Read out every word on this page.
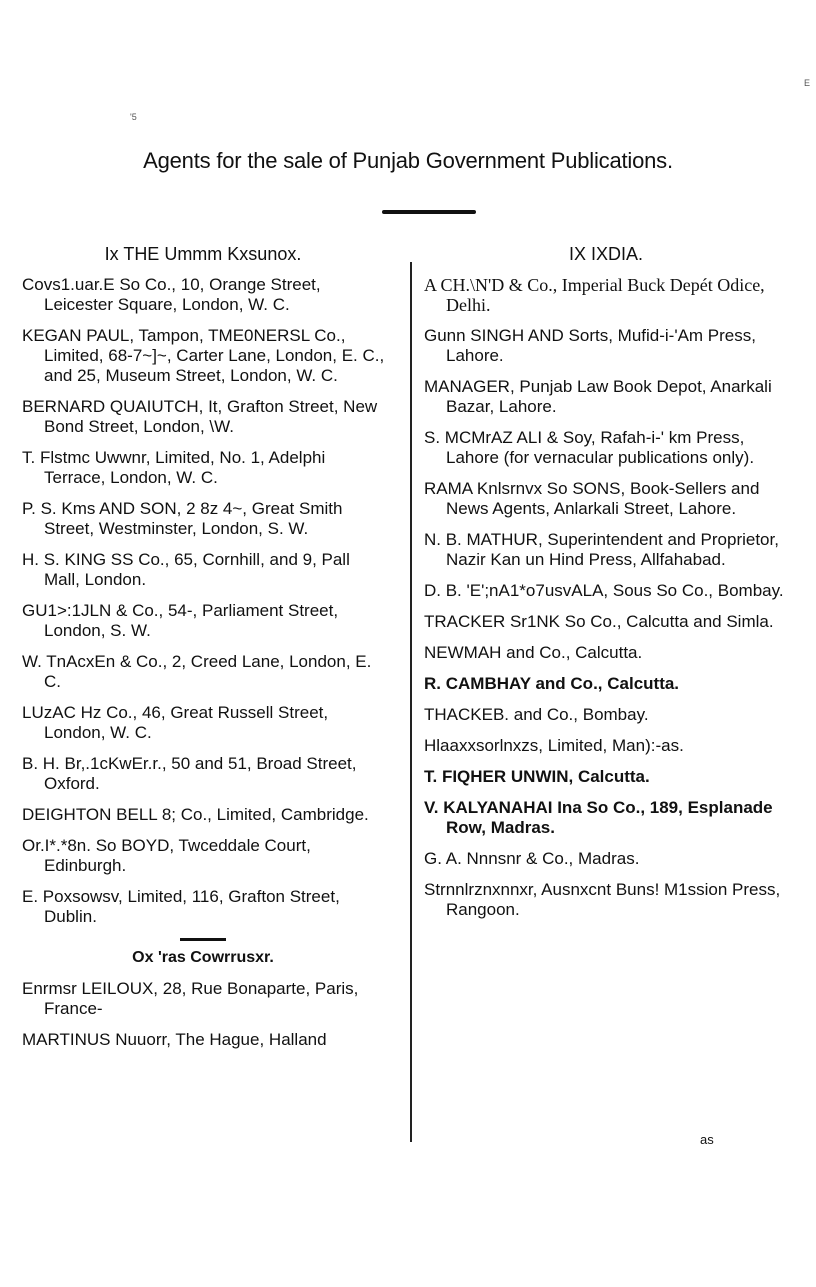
'5
E
Agents for the sale of Punjab Government Publications.
Ix THE Ummm Kxsunox.
Covs1.uar.E So Co., 10, Orange Street, Leicester Square, London, W. C.
KEGAN PAUL, Tampon, TME0NERSL Co., Limited, 68-7~]~, Carter Lane, London, E. C., and 25, Museum Street, London, W. C.
BERNARD QUAIUTCH, It, Grafton Street, New Bond Street, London, \W.
T. Flstmc Uwwnr, Limited, No. 1, Adelphi Terrace, London, W. C.
P. S. Kms AND SON, 2 8z 4~, Great Smith Street, Westminster, London, S. W.
H. S. KING SS Co., 65, Cornhill, and 9, Pall Mall, London.
GU1>:1JLN & Co., 54-, Parliament Street, London, S. W.
W. TnAcxEn & Co., 2, Creed Lane, London, E. C.
LUzAC Hz Co., 46, Great Russell Street, London, W. C.
B. H. Br,.1cKwEr.r., 50 and 51, Broad Street, Oxford.
DEIGHTON BELL 8; Co., Limited, Cambridge.
Or.I*.*8n. So BOYD, Twceddale Court, Edinburgh.
E. Poxsowsv, Limited, 116, Grafton Street, Dublin.
Ox 'ras Cowrrusxr.
Enrmsr LEILOUX, 28, Rue Bonaparte, Paris, France-
MARTINUS Nuuorr, The Hague, Halland
IX IXDIA.
A CH.\N'D & Co., Imperial Buck Depét Odice, Delhi.
Gunn SINGH AND Sorts, Mufid-i-'Am Press, Lahore.
MANAGER, Punjab Law Book Depot, Anarkali Bazar, Lahore.
S. MCMrAZ ALI & Soy, Rafah-i-' km Press, Lahore (for vernacular publications only).
RAMA Knlsrnvx So SONS, Book-Sellers and News Agents, Anlarkali Street, Lahore.
N. B. MATHUR, Superintendent and Proprietor, Nazir Kan un Hind Press, Allfahabad.
D. B. 'E';nA1*o7usvALA, Sous So Co., Bombay.
TRACKER Sr1NK So Co., Calcutta and Simla.
NEWMAH and Co., Calcutta.
R. CAMBHAY and Co., Calcutta.
THACKEB. and Co., Bombay.
Hlaaxxsorlnxzs, Limited, Man):-as.
T. FIQHER UNWIN, Calcutta.
V. KALYANAHAI Ina So Co., 189, Esplanade Row, Madras.
G. A. Nnnsnr & Co., Madras.
Strnnlrznxnnxr, Ausnxcnt Buns! M1ssion Press, Rangoon.
as
